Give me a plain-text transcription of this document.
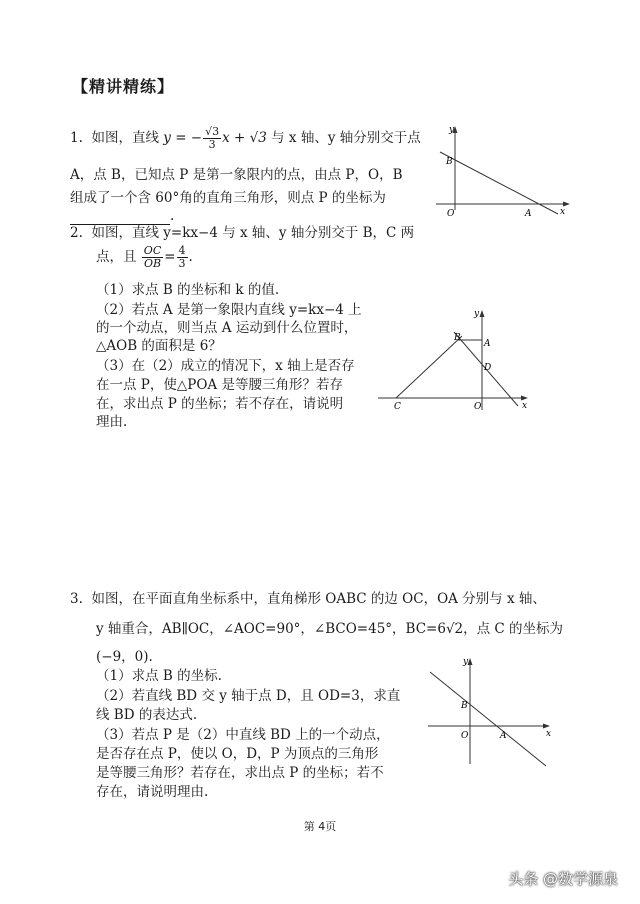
【精讲精练】
1. 如图，直线 y = − $\frac{√3}{3}$ x + √3 与 x 轴、y 轴分别交于点
A，点 B，已知点 P 是第一象限内的点，由点 P，O，B
组成了一个含 60°角的直角三角形，则点 P 的坐标为
.
y
x
B
O	A
2. 如图，直线 y=kx−4 与 x 轴、y 轴分别交于 B，C 两
点，且 $\frac{OC}{OB} = \frac{4}{3}$ .
（1）求点 B 的坐标和 k 的值.
（2）若点 A 是第一象限内直线 y=kx−4 上
的一个动点，则当点 A 运动到什么位置时，
△AOB 的面积是 6？
（3）在（2）成立的情况下，x 轴上是否存
在一点 P，使△POA 是等腰三角形？若存
在，求出点 P 的坐标；若不存在，请说明
理由.
B
A
D
y
x
C	O
3. 如图，在平面直角坐标系中，直角梯形 OABC 的边 OC，OA 分别与 x 轴、
y 轴重合，AB∥OC，∠AOC=90°，∠BCO=45°，BC=6√2，点 C 的坐标为
(−9，0).
（1）求点 B 的坐标.
（2）若直线 BD 交 y 轴于点 D，且 OD=3，求直
线 BD 的表达式.
（3）若点 P 是（2）中直线 BD 上的一个动点，
是否存在点 P，使以 O，D，P 为顶点的三角形
是等腰三角形？若存在，求出点 P 的坐标；若不
存在，请说明理由.
y
x
B
O	A
第 4页
头条 @数学源泉
